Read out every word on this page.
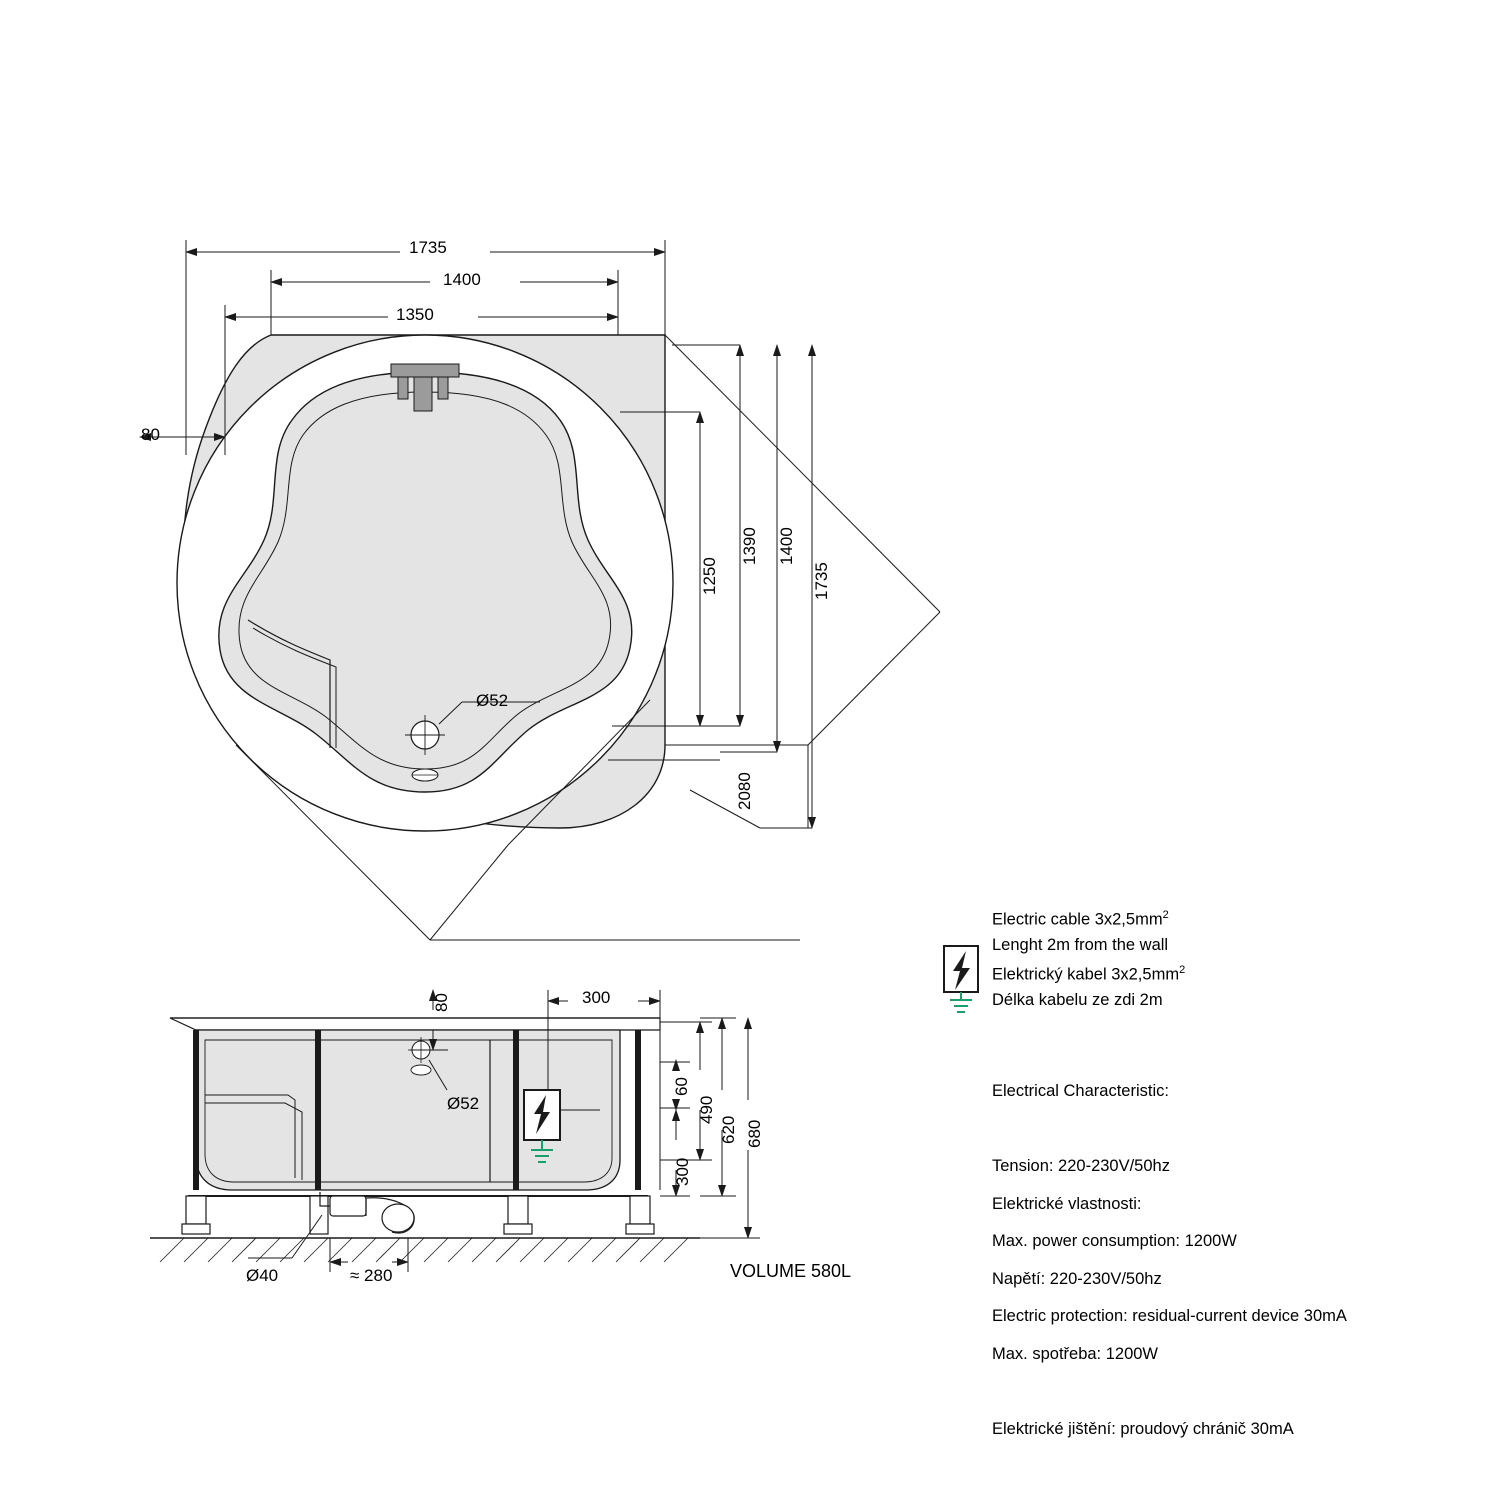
1735
1400
1350
80
Ø52
1250
1390 1400
1735
2080
80	300
Ø52
60
300
490
620 680
Ø40	≈ 280	VOLUME 580L
Electric cable $3x2,5mm^2$
Lenght 2m from the wall
Elektrický kabel $3x2,5mm^2$
Délka kabelu ze zdi 2m

Electrical Characteristic:

Tension: 220-230V/50hz

Max. power consumption: 1200W

Electric protection: residual-current device 30mA

Elektrické vlastnosti:

Napětí: 220-230V/50hz

Max. spotřeba: 1200W

Elektrické jištění: proudový chránič 30mA
